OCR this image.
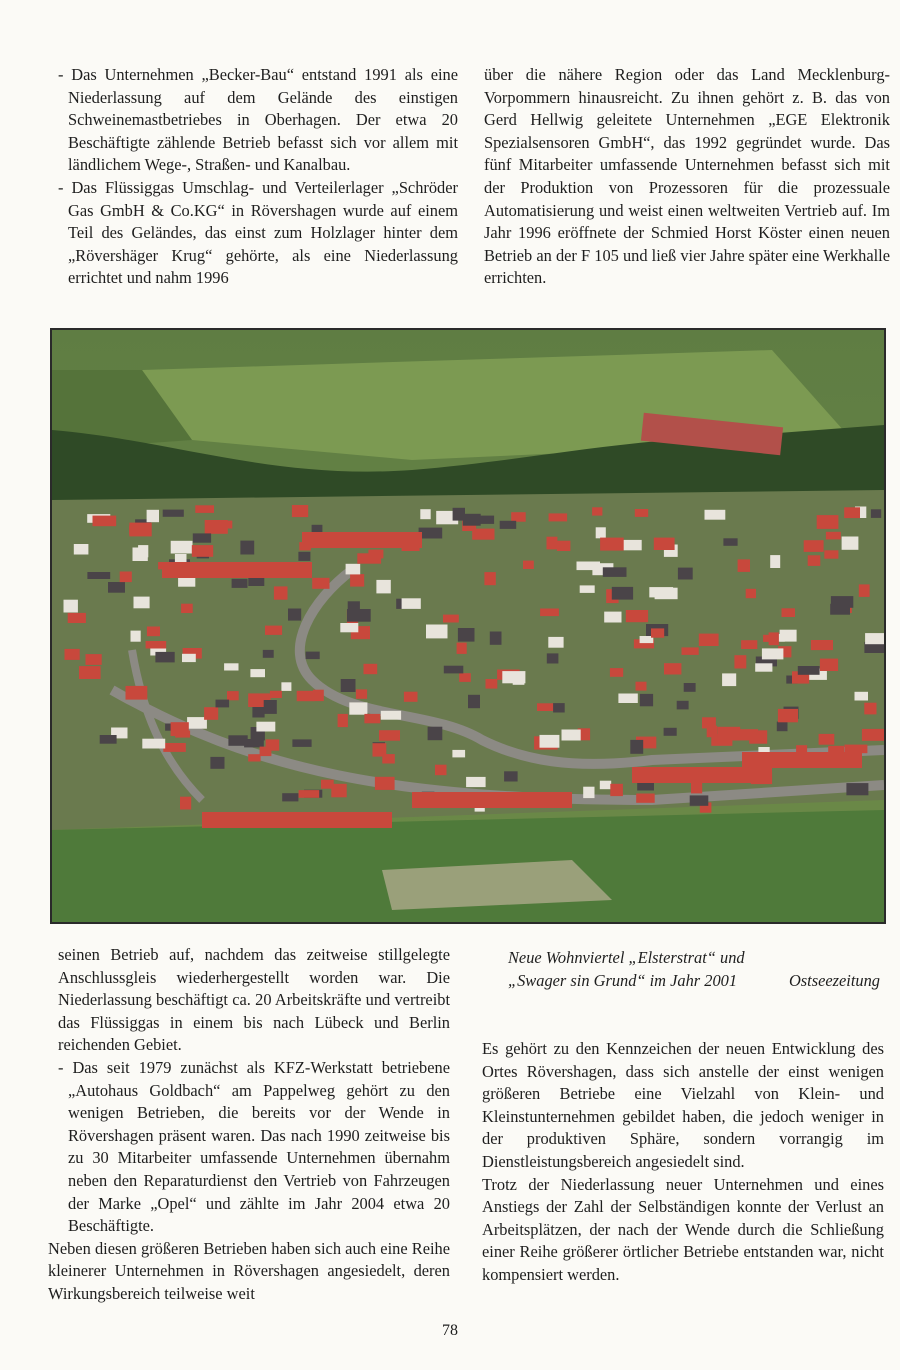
- Das Unternehmen „Becker-Bau“ entstand 1991 als eine Niederlassung auf dem Gelände des einstigen Schweinemastbetriebes in Oberhagen. Der etwa 20 Beschäftigte zählende Betrieb befasst sich vor allem mit ländlichem Wege-, Straßen- und Kanalbau.

- Das Flüssiggas Umschlag- und Verteilerlager „Schröder Gas GmbH & Co.KG“ in Rövershagen wurde auf einem Teil des Geländes, das einst zum Holzlager hinter dem „Rövershäger Krug“ gehörte, als eine Niederlassung errichtet und nahm 1996

über die nähere Region oder das Land Mecklenburg-Vorpommern hinausreicht. Zu ihnen gehört z. B. das von Gerd Hellwig geleitete Unternehmen „EGE Elektronik Spezialsensoren GmbH“, das 1992 gegründet wurde. Das fünf Mitarbeiter umfassende Unternehmen befasst sich mit der Produktion von Prozessoren für die prozessuale Automatisierung und weist einen weltweiten Vertrieb auf. Im Jahr 1996 eröffnete der Schmied Horst Köster einen neuen Betrieb an der F 105 und ließ vier Jahre später eine Werkhalle errichten.

Neue Wohnviertel „Elsterstrat“ und
„Swager sin Grund“ im Jahr 2001	Ostseezeitung

seinen Betrieb auf, nachdem das zeitweise stillgelegte Anschlussgleis wiederhergestellt worden war. Die Niederlassung beschäftigt ca. 20 Arbeitskräfte und vertreibt das Flüssiggas in einem bis nach Lübeck und Berlin reichenden Gebiet.

- Das seit 1979 zunächst als KFZ-Werkstatt betriebene „Autohaus Goldbach“ am Pappelweg gehört zu den wenigen Betrieben, die bereits vor der Wende in Rövershagen präsent waren. Das nach 1990 zeitweise bis zu 30 Mitarbeiter umfassende Unternehmen übernahm neben den Reparaturdienst den Vertrieb von Fahrzeugen der Marke „Opel“ und zählte im Jahr 2004 etwa 20 Beschäftigte.

Neben diesen größeren Betrieben haben sich auch eine Reihe kleinerer Unternehmen in Rövershagen angesiedelt, deren Wirkungsbereich teilweise weit

Es gehört zu den Kennzeichen der neuen Entwicklung des Ortes Rövershagen, dass sich anstelle der einst wenigen größeren Betriebe eine Vielzahl von Klein- und Kleinstunternehmen gebildet haben, die jedoch weniger in der produktiven Sphäre, sondern vorrangig im Dienstleistungsbereich angesiedelt sind.

Trotz der Niederlassung neuer Unternehmen und eines Anstiegs der Zahl der Selbständigen konnte der Verlust an Arbeitsplätzen, der nach der Wende durch die Schließung einer Reihe größerer örtlicher Betriebe entstanden war, nicht kompensiert werden.

78
